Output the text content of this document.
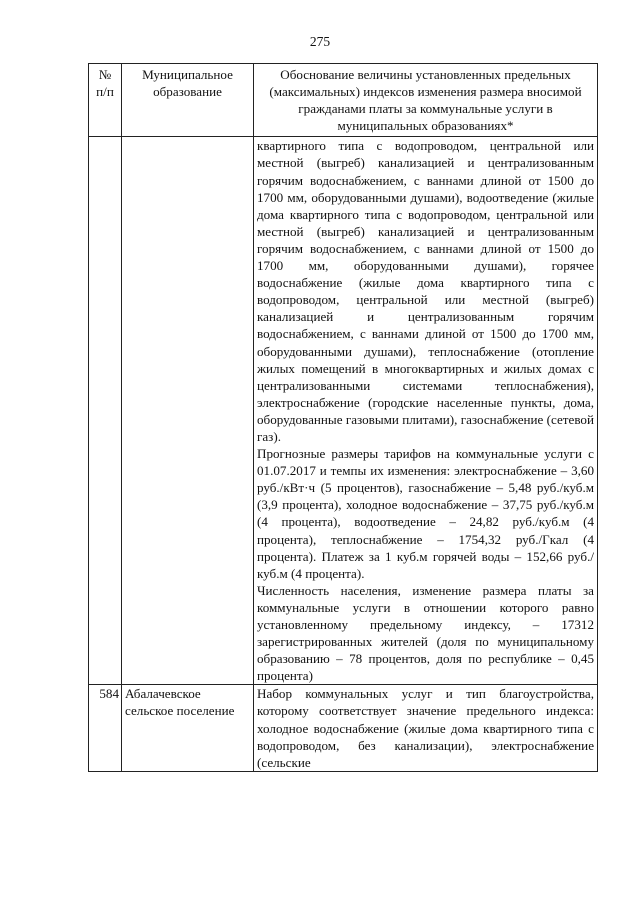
275
№ п/п	Муниципальное образование	Обоснование величины установленных предельных (максимальных) индексов изменения размера вносимой гражданами платы за коммунальные услуги в муниципальных образованиях*

		квартирного типа с водопроводом, центральной или местной (выгреб) канализацией и централизованным горячим водоснабжением, с ваннами длиной от 1500 до 1700 мм, оборудованными душами), водоотведение (жилые дома квартирного типа с водопроводом, центральной или местной (выгреб) канализацией и централизованным горячим водоснабжением, с ваннами длиной от 1500 до 1700 мм, оборудованными душами), горячее водоснабжение (жилые дома квартирного типа с водопроводом, центральной или местной (выгреб) канализацией и централизованным горячим водоснабжением, с ваннами длиной от 1500 до 1700 мм, оборудованными душами), теплоснабжение (отопление жилых помещений в многоквартирных и жилых домах с централизованными системами теплоснабжения), электроснабжение (городские населенные пункты, дома, оборудованные газовыми плитами), газоснабжение (сетевой газ).

Прогнозные размеры тарифов на коммунальные услуги с 01.07.2017 и темпы их изменения: электроснабжение – 3,60 руб./кВт·ч (5 процентов), газоснабжение – 5,48 руб./куб.м (3,9 процента), холодное водоснабжение – 37,75 руб./куб.м (4 процента), водоотведение – 24,82 руб./куб.м (4 процента), теплоснабжение – 1754,32 руб./Гкал (4 процента). Платеж за 1 куб.м горячей воды – 152,66 руб./куб.м (4 процента).

Численность населения, изменение размера платы за коммунальные услуги в отношении которого равно установленному предельному индексу, – 17312 зарегистрированных жителей (доля по муниципальному образованию – 78 процентов, доля по республике – 0,45 процента)

584	Абалачевское сельское поселение	Набор коммунальных услуг и тип благоустройства, которому соответствует значение предельного индекса: холодное водоснабжение (жилые дома квартирного типа с водопроводом, без канализации), электроснабжение (сельские
